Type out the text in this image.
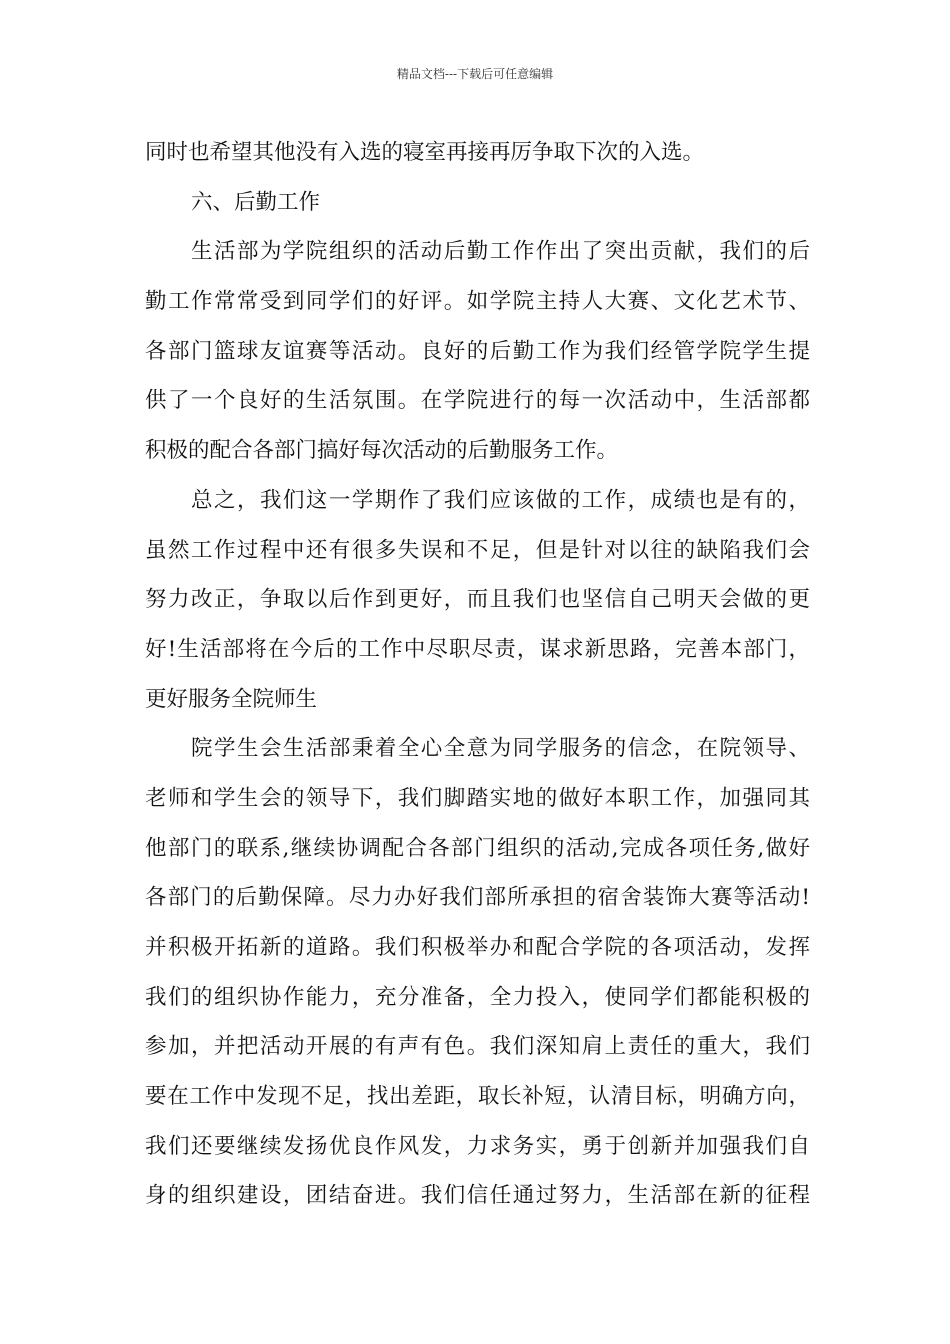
精品文档---下载后可任意编辑
同时也希望其他没有入选的寝室再接再厉争取下次的入选。
六、后勤工作
生活部为学院组织的活动后勤工作作出了突出贡献，我们的后
勤工作常常受到同学们的好评。如学院主持人大赛、文化艺术节、
各部门篮球友谊赛等活动。良好的后勤工作为我们经管学院学生提
供了一个良好的生活氛围。在学院进行的每一次活动中，生活部都
积极的配合各部门搞好每次活动的后勤服务工作。
总之，我们这一学期作了我们应该做的工作，成绩也是有的，
虽然工作过程中还有很多失误和不足，但是针对以往的缺陷我们会
努力改正，争取以后作到更好，而且我们也坚信自己明天会做的更
好!生活部将在今后的工作中尽职尽责，谋求新思路，完善本部门，
更好服务全院师生
院学生会生活部秉着全心全意为同学服务的信念，在院领导、
老师和学生会的领导下，我们脚踏实地的做好本职工作，加强同其
他部门的联系,继续协调配合各部门组织的活动,完成各项任务,做好
各部门的后勤保障。尽力办好我们部所承担的宿舍装饰大赛等活动!
并积极开拓新的道路。我们积极举办和配合学院的各项活动，发挥
我们的组织协作能力，充分准备，全力投入，使同学们都能积极的
参加，并把活动开展的有声有色。我们深知肩上责任的重大，我们
要在工作中发现不足，找出差距，取长补短，认清目标，明确方向，
我们还要继续发扬优良作风发，力求务实，勇于创新并加强我们自
身的组织建设，团结奋进。我们信任通过努力，生活部在新的征程
